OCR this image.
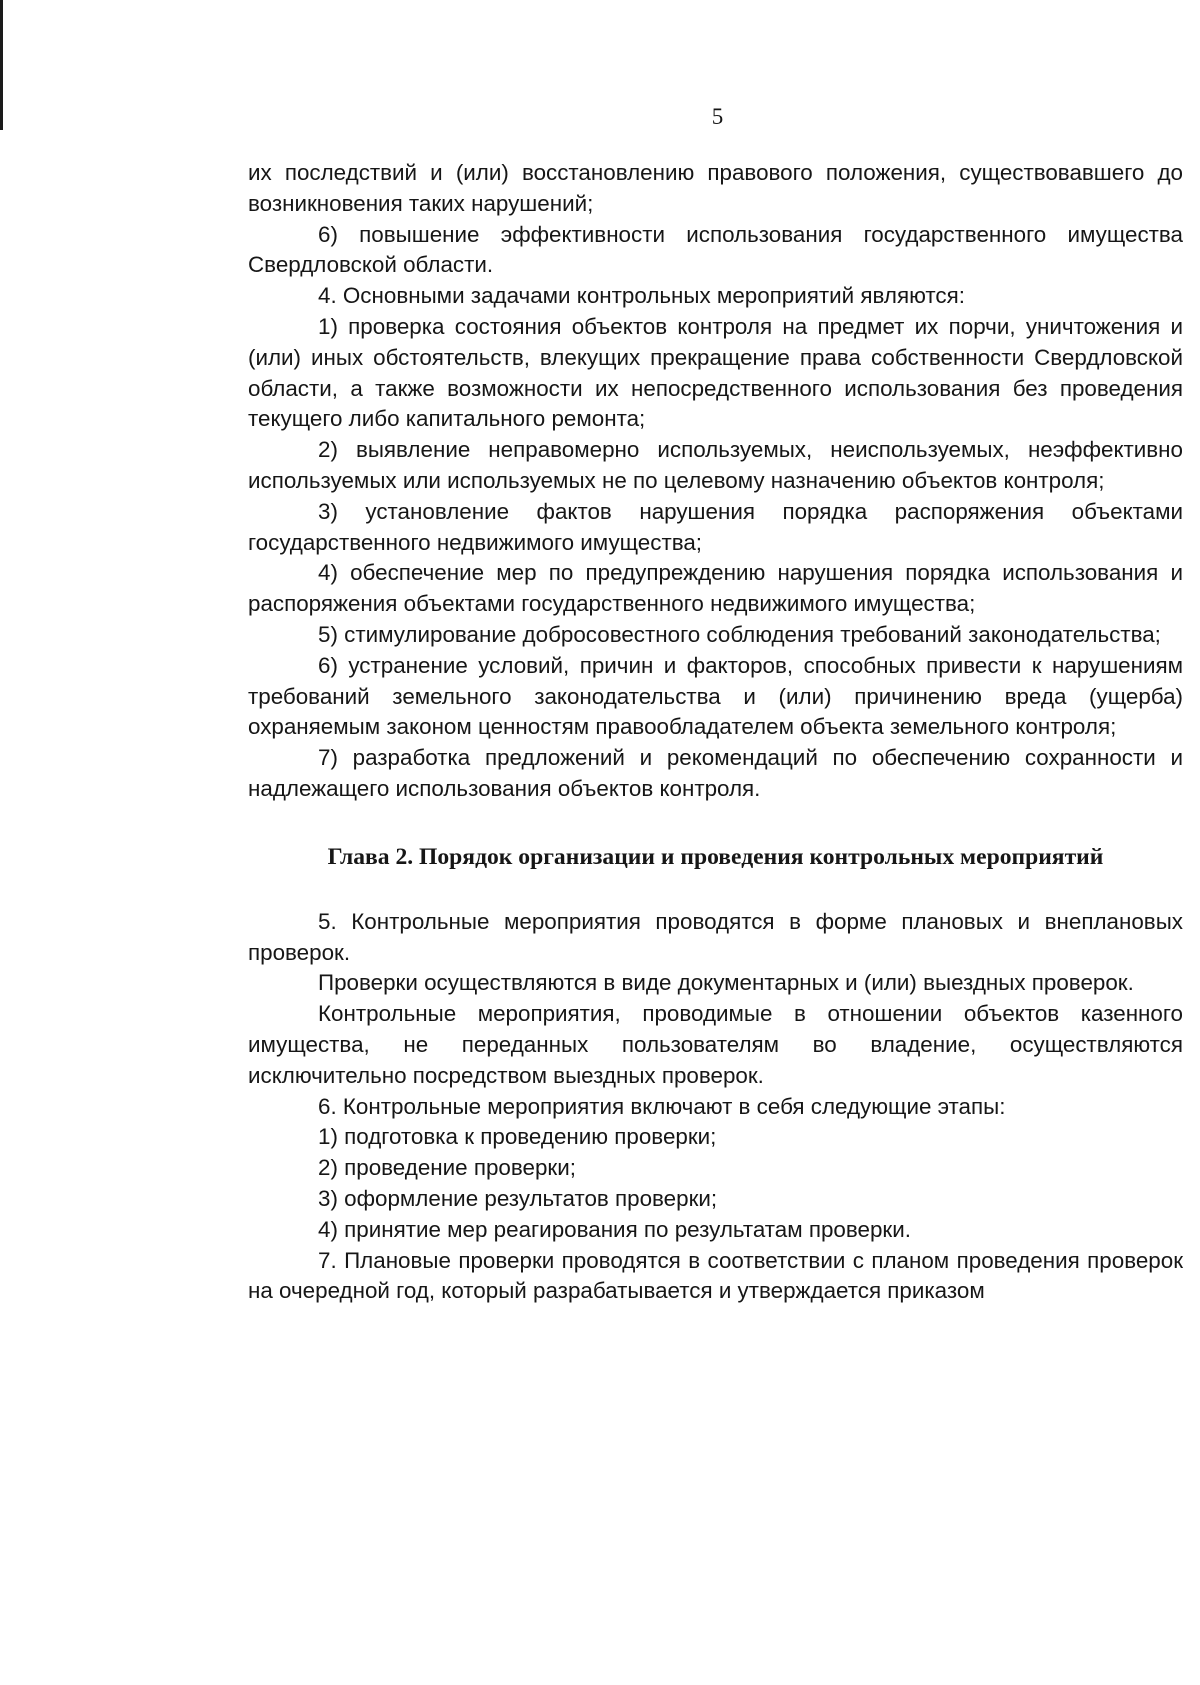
5

их последствий и (или) восстановлению правового положения, существовавшего до возникновения таких нарушений;

6) повышение эффективности использования государственного имущества Свердловской области.

4. Основными задачами контрольных мероприятий являются:

1) проверка состояния объектов контроля на предмет их порчи, уничтожения и (или) иных обстоятельств, влекущих прекращение права собственности Свердловской области, а также возможности их непосредственного использования без проведения текущего либо капитального ремонта;

2) выявление неправомерно используемых, неиспользуемых, неэффективно используемых или используемых не по целевому назначению объектов контроля;

3) установление фактов нарушения порядка распоряжения объектами государственного недвижимого имущества;

4) обеспечение мер по предупреждению нарушения порядка использования и распоряжения объектами государственного недвижимого имущества;

5) стимулирование добросовестного соблюдения требований законодательства;

6) устранение условий, причин и факторов, способных привести к нарушениям требований земельного законодательства и (или) причинению вреда (ущерба) охраняемым законом ценностям правообладателем объекта земельного контроля;

7) разработка предложений и рекомендаций по обеспечению сохранности и надлежащего использования объектов контроля.

Глава 2. Порядок организации и проведения контрольных мероприятий

5. Контрольные мероприятия проводятся в форме плановых и внеплановых проверок.

Проверки осуществляются в виде документарных и (или) выездных проверок.

Контрольные мероприятия, проводимые в отношении объектов казенного имущества, не переданных пользователям во владение, осуществляются исключительно посредством выездных проверок.

6. Контрольные мероприятия включают в себя следующие этапы:

1) подготовка к проведению проверки;

2) проведение проверки;

3) оформление результатов проверки;

4) принятие мер реагирования по результатам проверки.

7. Плановые проверки проводятся в соответствии с планом проведения проверок на очередной год, который разрабатывается и утверждается приказом
